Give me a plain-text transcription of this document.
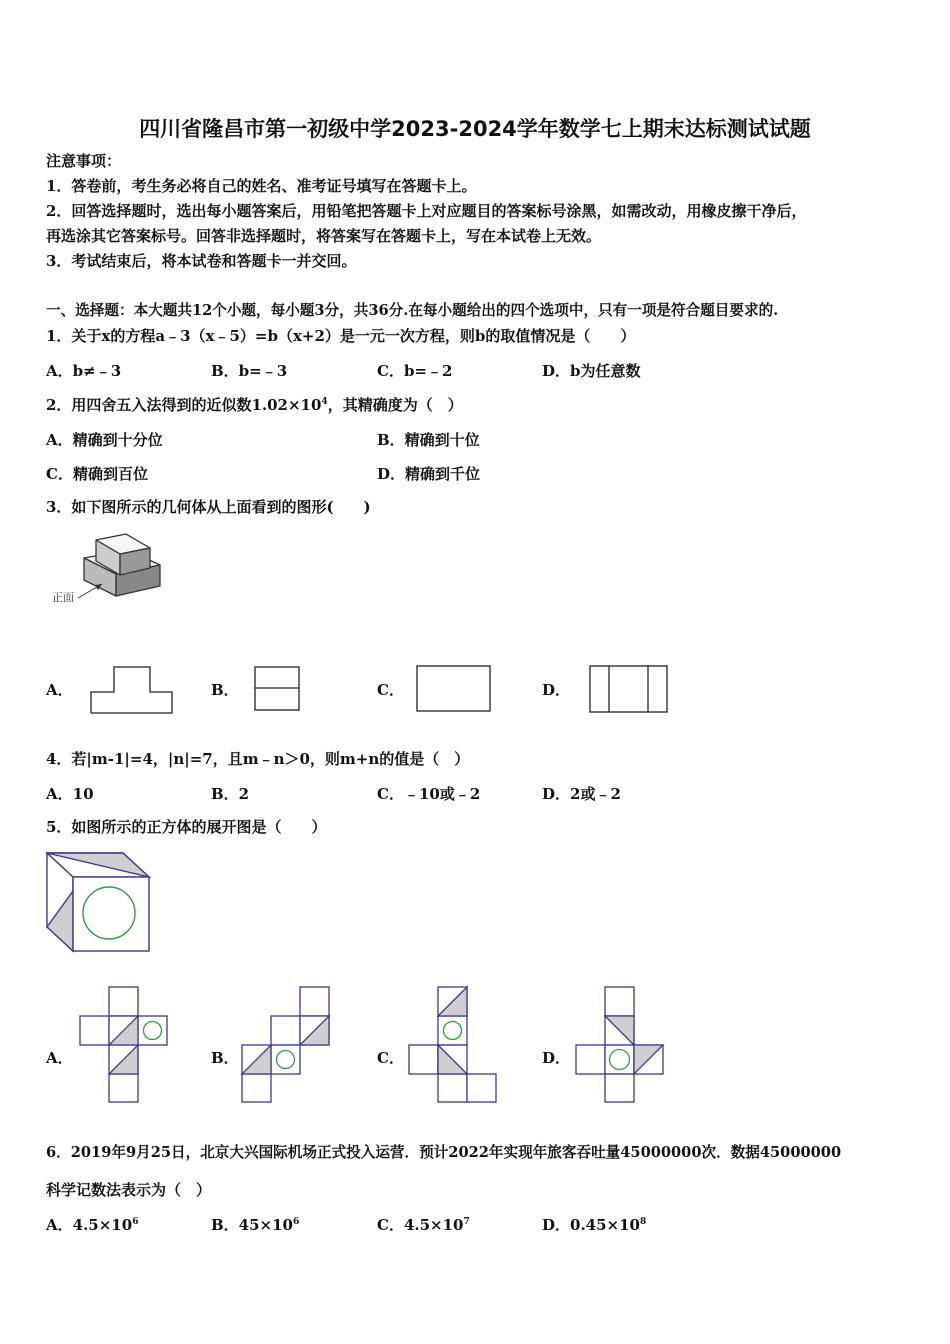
四川省隆昌市第一初级中学2023-2024学年数学七上期末达标测试试题
注意事项：
1．答卷前，考生务必将自己的姓名、准考证号填写在答题卡上。
2．回答选择题时，选出每小题答案后，用铅笔把答题卡上对应题目的答案标号涂黑，如需改动，用橡皮擦干净后，
再选涂其它答案标号。回答非选择题时，将答案写在答题卡上，写在本试卷上无效。
3．考试结束后，将本试卷和答题卡一并交回。
一、选择题：本大题共12个小题，每小题3分，共36分.在每小题给出的四个选项中，只有一项是符合题目要求的.
1．关于x的方程a﹣3（x﹣5）=b（x+2）是一元一次方程，则b的取值情况是（　　）
A．b≠﹣3	B．b=﹣3	C．b=﹣2	D．b为任意数
2．用四舍五入法得到的近似数$1.02\times 10^4$，其精确度为（　）
A．精确到十分位	B．精确到十位
C．精确到百位	D．精确到千位
3．如下图所示的几何体从上面看到的图形(　　)
正面
A．	B．	C．	D．
4．若|m-1|=4，|n|=7，且m﹣n＞0，则m+n的值是（　）
A．10	B．2	C．﹣10或﹣2	D．2或﹣2
5．如图所示的正方体的展开图是（　　）
A．	B．	C．	D．
6．2019年9月25日，北京大兴国际机场正式投入运营．预计2022年实现年旅客吞吐量45000000次．数据45000000
科学记数法表示为（　）
A．$4.5\times 10^6$	B．$45\times 10^6$	C．$4.5\times 10^7$	D．$0.45\times 10^8$
